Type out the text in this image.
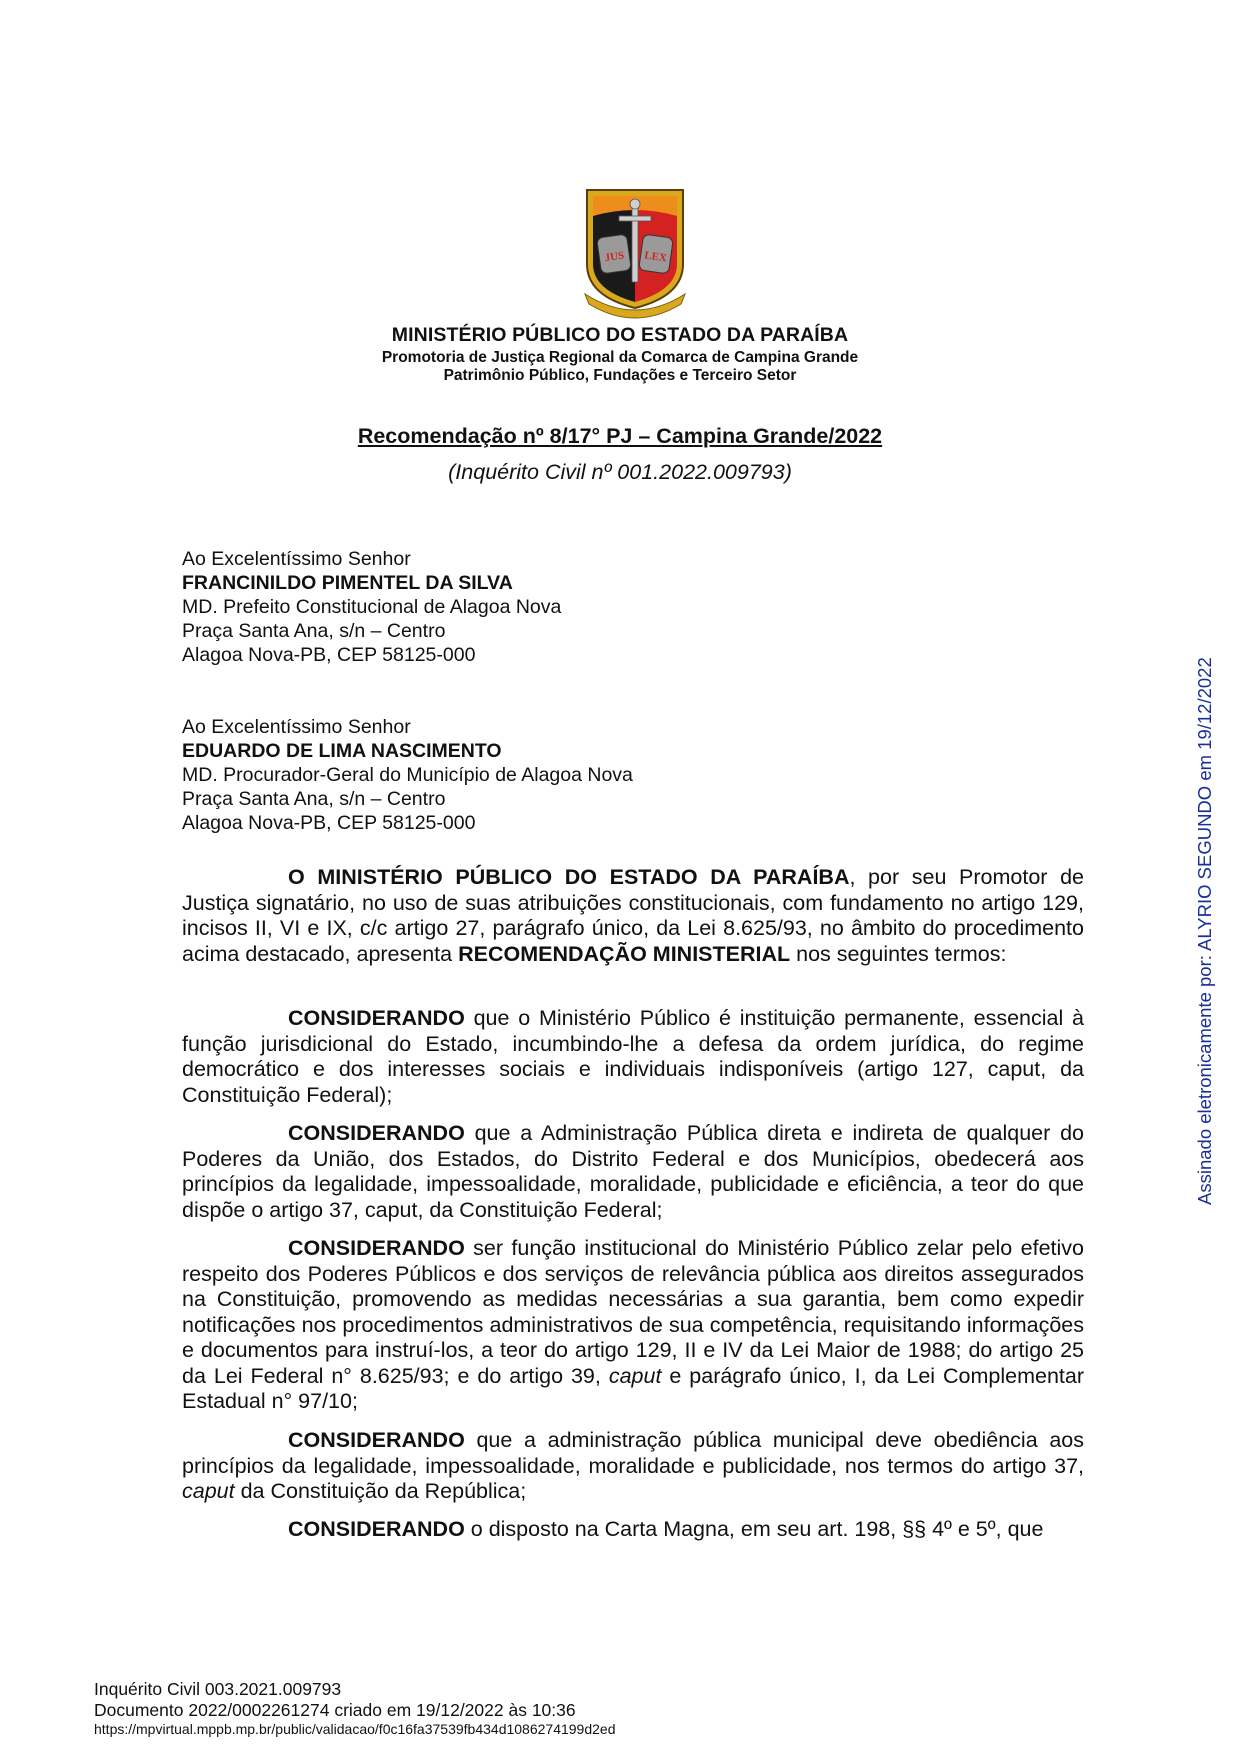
JUS LEX
MINISTÉRIO PÚBLICO DO ESTADO DA PARAÍBA
Promotoria de Justiça Regional da Comarca de Campina Grande
Patrimônio Público, Fundações e Terceiro Setor
Recomendação nº 8/17° PJ – Campina Grande/2022
(Inquérito Civil nº 001.2022.009793)
Ao Excelentíssimo Senhor
FRANCINILDO PIMENTEL DA SILVA
MD. Prefeito Constitucional de Alagoa Nova
Praça Santa Ana, s/n – Centro
Alagoa Nova-PB, CEP 58125-000
Ao Excelentíssimo Senhor
EDUARDO DE LIMA NASCIMENTO
MD. Procurador-Geral do Município de Alagoa Nova
Praça Santa Ana, s/n – Centro
Alagoa Nova-PB, CEP 58125-000
O MINISTÉRIO PÚBLICO DO ESTADO DA PARAÍBA, por seu Promotor de Justiça signatário, no uso de suas atribuições constitucionais, com fundamento no artigo 129, incisos II, VI e IX, c/c artigo 27, parágrafo único, da Lei 8.625/93, no âmbito do procedimento acima destacado, apresenta RECOMENDAÇÃO MINISTERIAL nos seguintes termos:
CONSIDERANDO que o Ministério Público é instituição permanente, essencial à função jurisdicional do Estado, incumbindo-lhe a defesa da ordem jurídica, do regime democrático e dos interesses sociais e individuais indisponíveis (artigo 127, caput, da Constituição Federal);
CONSIDERANDO que a Administração Pública direta e indireta de qualquer do Poderes da União, dos Estados, do Distrito Federal e dos Municípios, obedecerá aos princípios da legalidade, impessoalidade, moralidade, publicidade e eficiência, a teor do que dispõe o artigo 37, caput, da Constituição Federal;
CONSIDERANDO ser função institucional do Ministério Público zelar pelo efetivo respeito dos Poderes Públicos e dos serviços de relevância pública aos direitos assegurados na Constituição, promovendo as medidas necessárias a sua garantia, bem como expedir notificações nos procedimentos administrativos de sua competência, requisitando informações e documentos para instruí-los, a teor do artigo 129, II e IV da Lei Maior de 1988; do artigo 25 da Lei Federal n° 8.625/93; e do artigo 39, caput e parágrafo único, I, da Lei Complementar Estadual n° 97/10;
CONSIDERANDO que a administração pública municipal deve obediência aos princípios da legalidade, impessoalidade, moralidade e publicidade, nos termos do artigo 37, caput da Constituição da República;
CONSIDERANDO o disposto na Carta Magna, em seu art. 198, §§ 4º e 5º, que
Assinado eletronicamente por: ALYRIO SEGUNDO em 19/12/2022
Inquérito Civil 003.2021.009793
Documento 2022/0002261274 criado em 19/12/2022 às 10:36
https://mpvirtual.mppb.mp.br/public/validacao/f0c16fa37539fb434d1086274199d2ed
